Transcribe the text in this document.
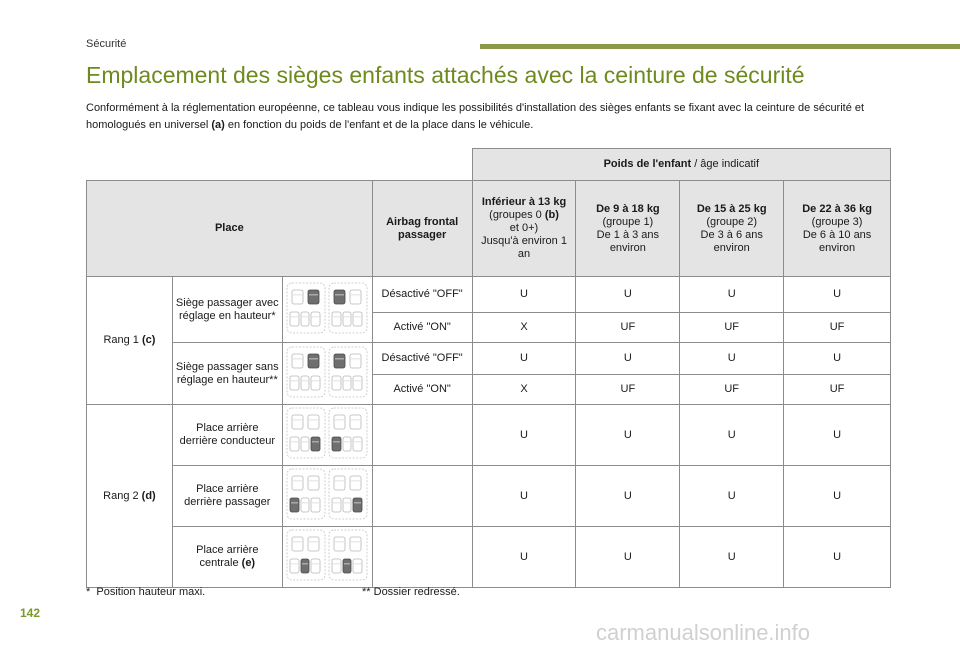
Sécurité
Emplacement des sièges enfants attachés avec la ceinture de sécurité
Conformément à la réglementation européenne, ce tableau vous indique les possibilités d'installation des sièges enfants se fixant avec la ceinture de sécurité et homologués en universel (a) en fonction du poids de l'enfant et de la place dans le véhicule.
				Poids de l'enfant / âge indicatif			
Place			Airbag frontal passager	Inférieur à 13 kg
(groupes 0 (b)
et 0+)
Jusqu'à environ 1 an	De 9 à 18 kg
(groupe 1)
De 1 à 3 ans environ	De 15 à 25 kg
(groupe 2)
De 3 à 6 ans environ	De 22 à 36 kg
(groupe 3)
De 6 à 10 ans environ
Rang 1 (c)	Siège passager avec réglage en hauteur*		Désactivé "OFF"	U	U	U	U
			Activé "ON"	X	UF	UF	UF
	Siège passager sans réglage en hauteur**		Désactivé "OFF"	U	U	U	U
			Activé "ON"	X	UF	UF	UF
Rang 2 (d)	Place arrière derrière conducteur			U	U	U	U
	Place arrière derrière passager			U	U	U	U
	Place arrière centrale (e)			U	U	U	U
* Position hauteur maxi.	** Dossier redressé.
142
carmanualsonline.info
